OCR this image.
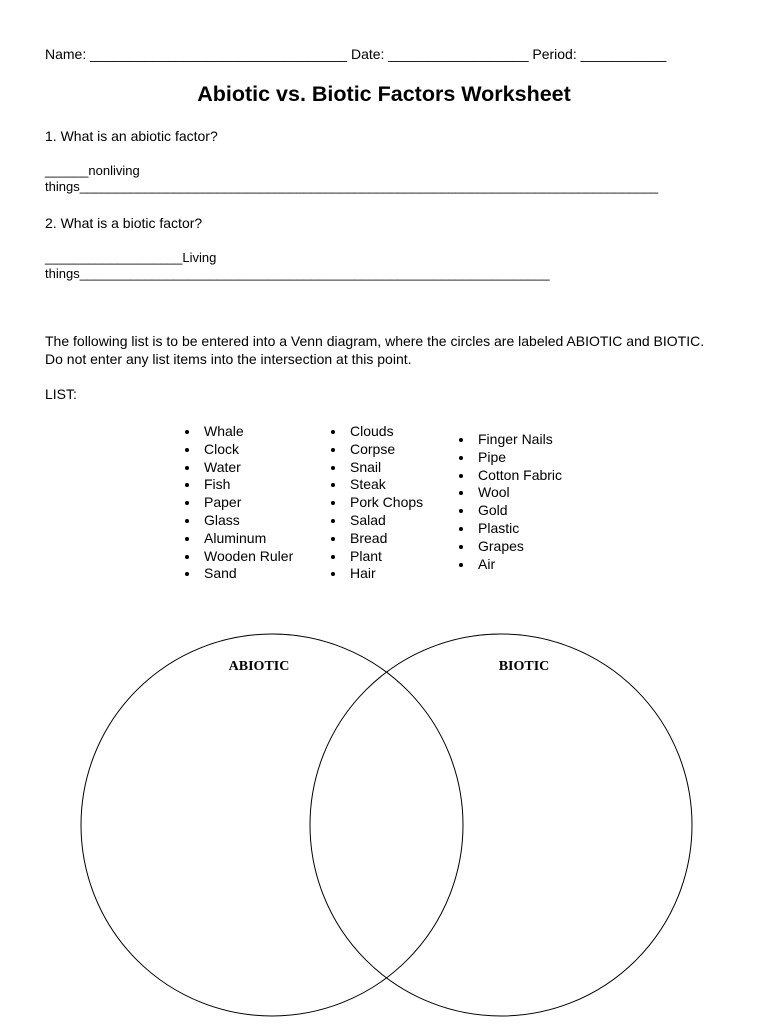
Name: _________________________________ Date: __________________ Period: ___________
Abiotic vs. Biotic Factors Worksheet
1. What is an abiotic factor?
______nonliving
things________________________________________________________________________________
2. What is a biotic factor?
___________________Living
things_________________________________________________________________
The following list is to be entered into a Venn diagram, where the circles are labeled ABIOTIC and BIOTIC. Do not enter any list items into the intersection at this point.
LIST:
• Whale
• Clock
• Water
• Fish
• Paper
• Glass
• Aluminum
• Wooden Ruler
• Sand
• Clouds
• Corpse
• Snail
• Steak
• Pork Chops
• Salad
• Bread
• Plant
• Hair
• Finger Nails
• Pipe
• Cotton Fabric
• Wool
• Gold
• Plastic
• Grapes
• Air
ABIOTIC	BIOTIC
